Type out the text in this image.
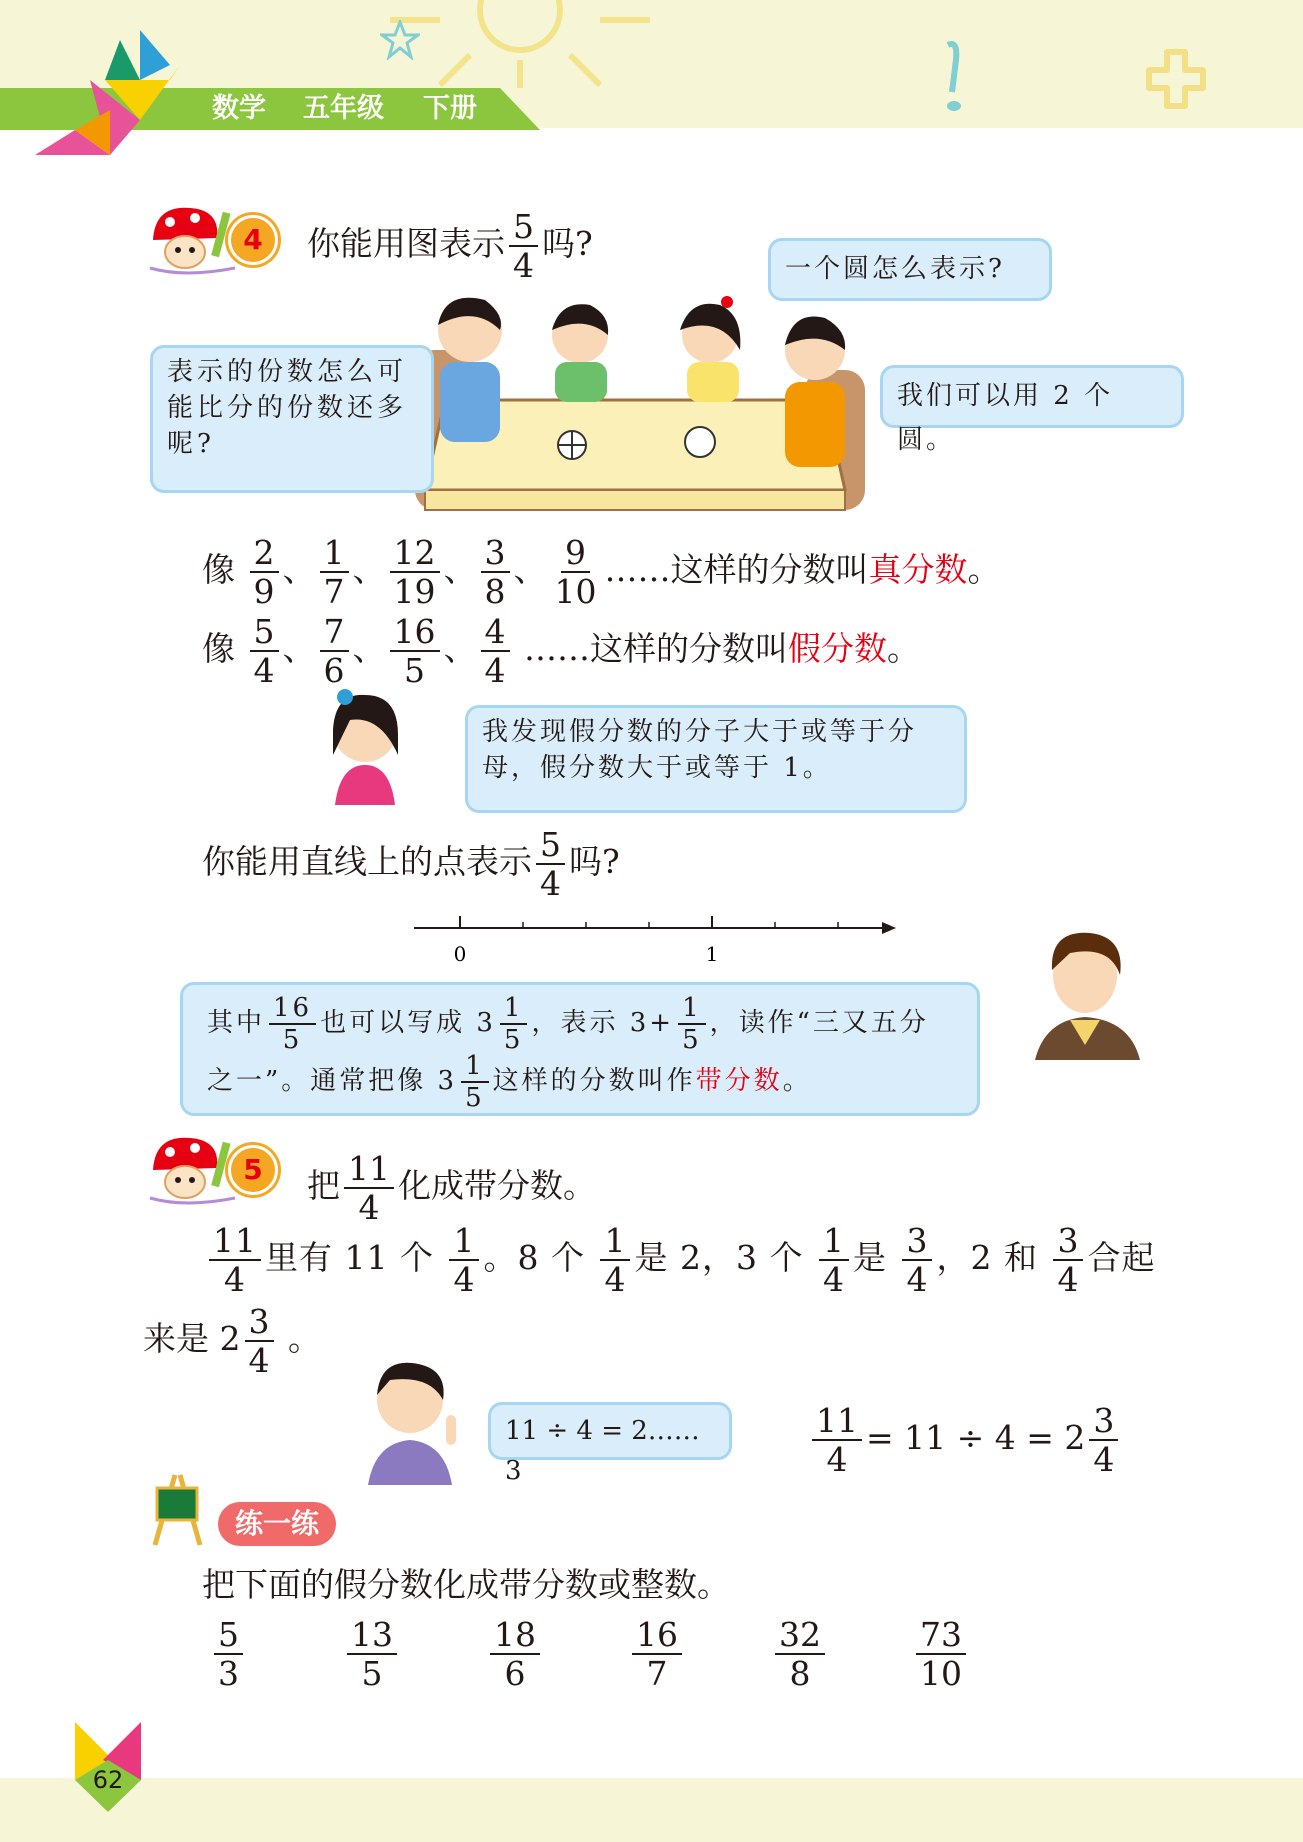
数学 五年级 下册
4	你能用图表示 $\frac{5}{4}$ 吗?
表示的份数怎么可能比分的份数还多呢?
一个圆怎么表示?
我们可以用 2 个圆。
像 $\frac{2}{9}$ 、 $\frac{1}{7}$ 、 $\frac{12}{19}$ 、 $\frac{3}{8}$ 、 $\frac{9}{10}$ ……这样的分数叫真分数。
像 $\frac{5}{4}$ 、 $\frac{7}{6}$ 、 $\frac{16}{5}$ 、 $\frac{4}{4}$ ……这样的分数叫假分数。
我发现假分数的分子大于或等于分母，假分数大于或等于 1。
你能用直线上的点表示 $\frac{5}{4}$ 吗?
0	1
其中 $\frac{16}{5}$ 也可以写成 $3 \frac{1}{5}$ ，表示 $3+ \frac{1}{5}$ ，读作“三又五分
之一”。通常把像 $3 \frac{1}{5}$ 这样的分数叫作带分数。
5	把 $\frac{11}{4}$ 化成带分数。
$\frac{11}{4}$ 里有 11 个 $\frac{1}{4}$ 。8 个 $\frac{1}{4}$ 是 2，3 个 $\frac{1}{4}$ 是 $\frac{3}{4}$ ，2 和 $\frac{3}{4}$ 合起
来是 $2 \frac{3}{4}$ 。
11 ÷ 4 = 2……3	$\frac{11}{4} = 11 \div 4 = 2 \frac{3}{4}$
练一练
把下面的假分数化成带分数或整数。
$\frac{5}{3}$	$\frac{13}{5}$	$\frac{18}{6}$	$\frac{16}{7}$	$\frac{32}{8}$	$\frac{73}{10}$
62
